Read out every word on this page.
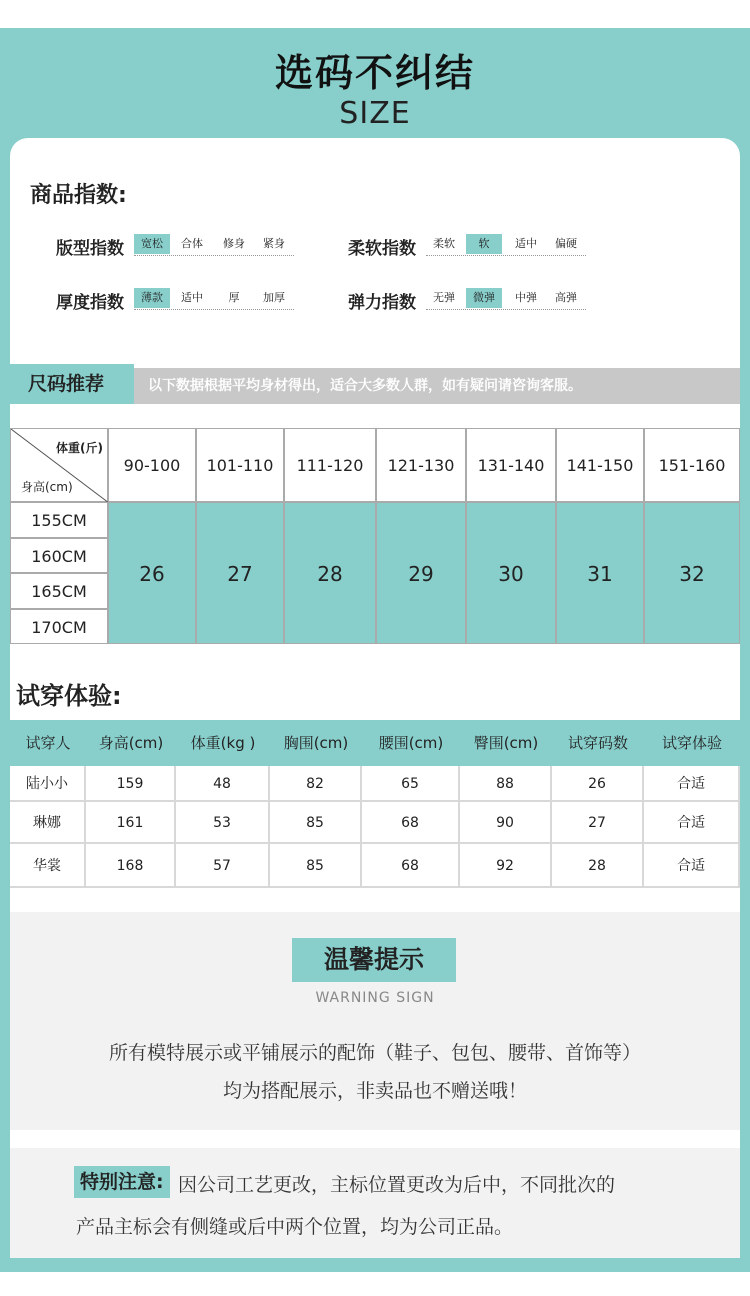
选码不纠结
SIZE
商品指数:
版型指数	宽松	合体	修身	紧身	柔软指数	柔软	软	适中	偏硬
厚度指数	薄款	适中	厚	加厚	弹力指数	无弹	微弹	中弹	高弹
尺码推荐	以下数据根据平均身材得出，适合大多数人群，如有疑问请咨询客服。
体重(斤)
身高(cm)
90-100	101-110	111-120	121-130	131-140	141-150	151-160
155CM
160CM
165CM
170CM
26	27	28	29	30	31	32
试穿体验:
试穿人	身高(cm)	体重(kg )	胸围(cm)	腰围(cm)	臀围(cm)	试穿码数	试穿体验
陆小小	159	48	82	65	88	26	合适
琳娜	161	53	85	68	90	27	合适
华裳	168	57	85	68	92	28	合适
温馨提示
WARNING SIGN
所有模特展示或平铺展示的配饰（鞋子、包包、腰带、首饰等）
均为搭配展示，非卖品也不赠送哦！
特别注意: 因公司工艺更改，主标位置更改为后中，不同批次的
产品主标会有侧缝或后中两个位置，均为公司正品。
